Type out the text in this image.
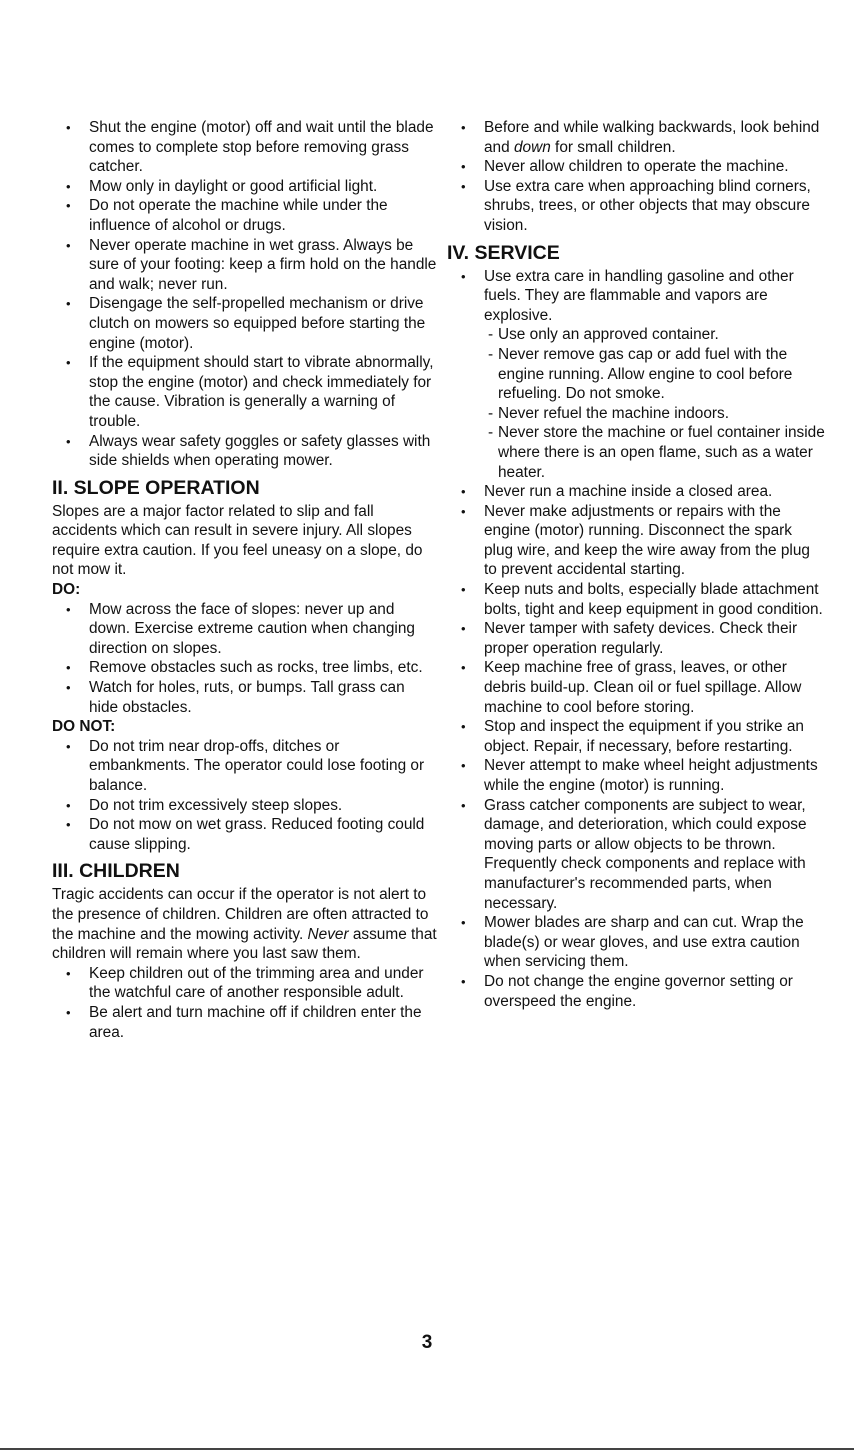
• Shut the engine (motor) off and wait until the blade comes to complete stop before removing grass catcher.
• Mow only in daylight or good artificial light.
• Do not operate the machine while under the influence of alcohol or drugs.
• Never operate machine in wet grass. Always be sure of your footing: keep a firm hold on the handle and walk; never run.
• Disengage the self-propelled mechanism or drive clutch on mowers so equipped before starting the engine (motor).
• If the equipment should start to vibrate abnormally, stop the engine (motor) and check immediately for the cause. Vibration is generally a warning of trouble.
• Always wear safety goggles or safety glasses with side shields when operating mower.
II. SLOPE OPERATION

Slopes are a major factor related to slip and fall accidents which can result in severe injury. All slopes require extra caution. If you feel uneasy on a slope, do not mow it.

DO:

• Mow across the face of slopes: never up and down. Exercise extreme caution when changing direction on slopes.
• Remove obstacles such as rocks, tree limbs, etc.
• Watch for holes, ruts, or bumps. Tall grass can hide obstacles.

DO NOT:

• Do not trim near drop-offs, ditches or embankments. The operator could lose footing or balance.
• Do not trim excessively steep slopes.
• Do not mow on wet grass. Reduced footing could cause slipping.
III. CHILDREN

Tragic accidents can occur if the operator is not alert to the presence of children. Children are often attracted to the machine and the mowing activity. Never assume that children will remain where you last saw them.

• Keep children out of the trimming area and under the watchful care of another responsible adult.
• Be alert and turn machine off if children enter the area.
• Before and while walking backwards, look behind and down for small children.
• Never allow children to operate the machine.
• Use extra care when approaching blind corners, shrubs, trees, or other objects that may obscure vision.
IV. SERVICE
• Use extra care in handling gasoline and other fuels. They are flammable and vapors are explosive.
- Use only an approved container.
- Never remove gas cap or add fuel with the engine running. Allow engine to cool before refueling. Do not smoke.
- Never refuel the machine indoors.
- Never store the machine or fuel container inside where there is an open flame, such as a water heater.
• Never run a machine inside a closed area.
• Never make adjustments or repairs with the engine (motor) running. Disconnect the spark plug wire, and keep the wire away from the plug to prevent accidental starting.
• Keep nuts and bolts, especially blade attachment bolts, tight and keep equipment in good condition.
• Never tamper with safety devices. Check their proper operation regularly.
• Keep machine free of grass, leaves, or other debris build-up. Clean oil or fuel spillage. Allow machine to cool before storing.
• Stop and inspect the equipment if you strike an object. Repair, if necessary, before restarting.
• Never attempt to make wheel height adjustments while the engine (motor) is running.
• Grass catcher components are subject to wear, damage, and deterioration, which could expose moving parts or allow objects to be thrown. Frequently check components and replace with manufacturer's recommended parts, when necessary.
• Mower blades are sharp and can cut. Wrap the blade(s) or wear gloves, and use extra caution when servicing them.
• Do not change the engine governor setting or overspeed the engine.
3
